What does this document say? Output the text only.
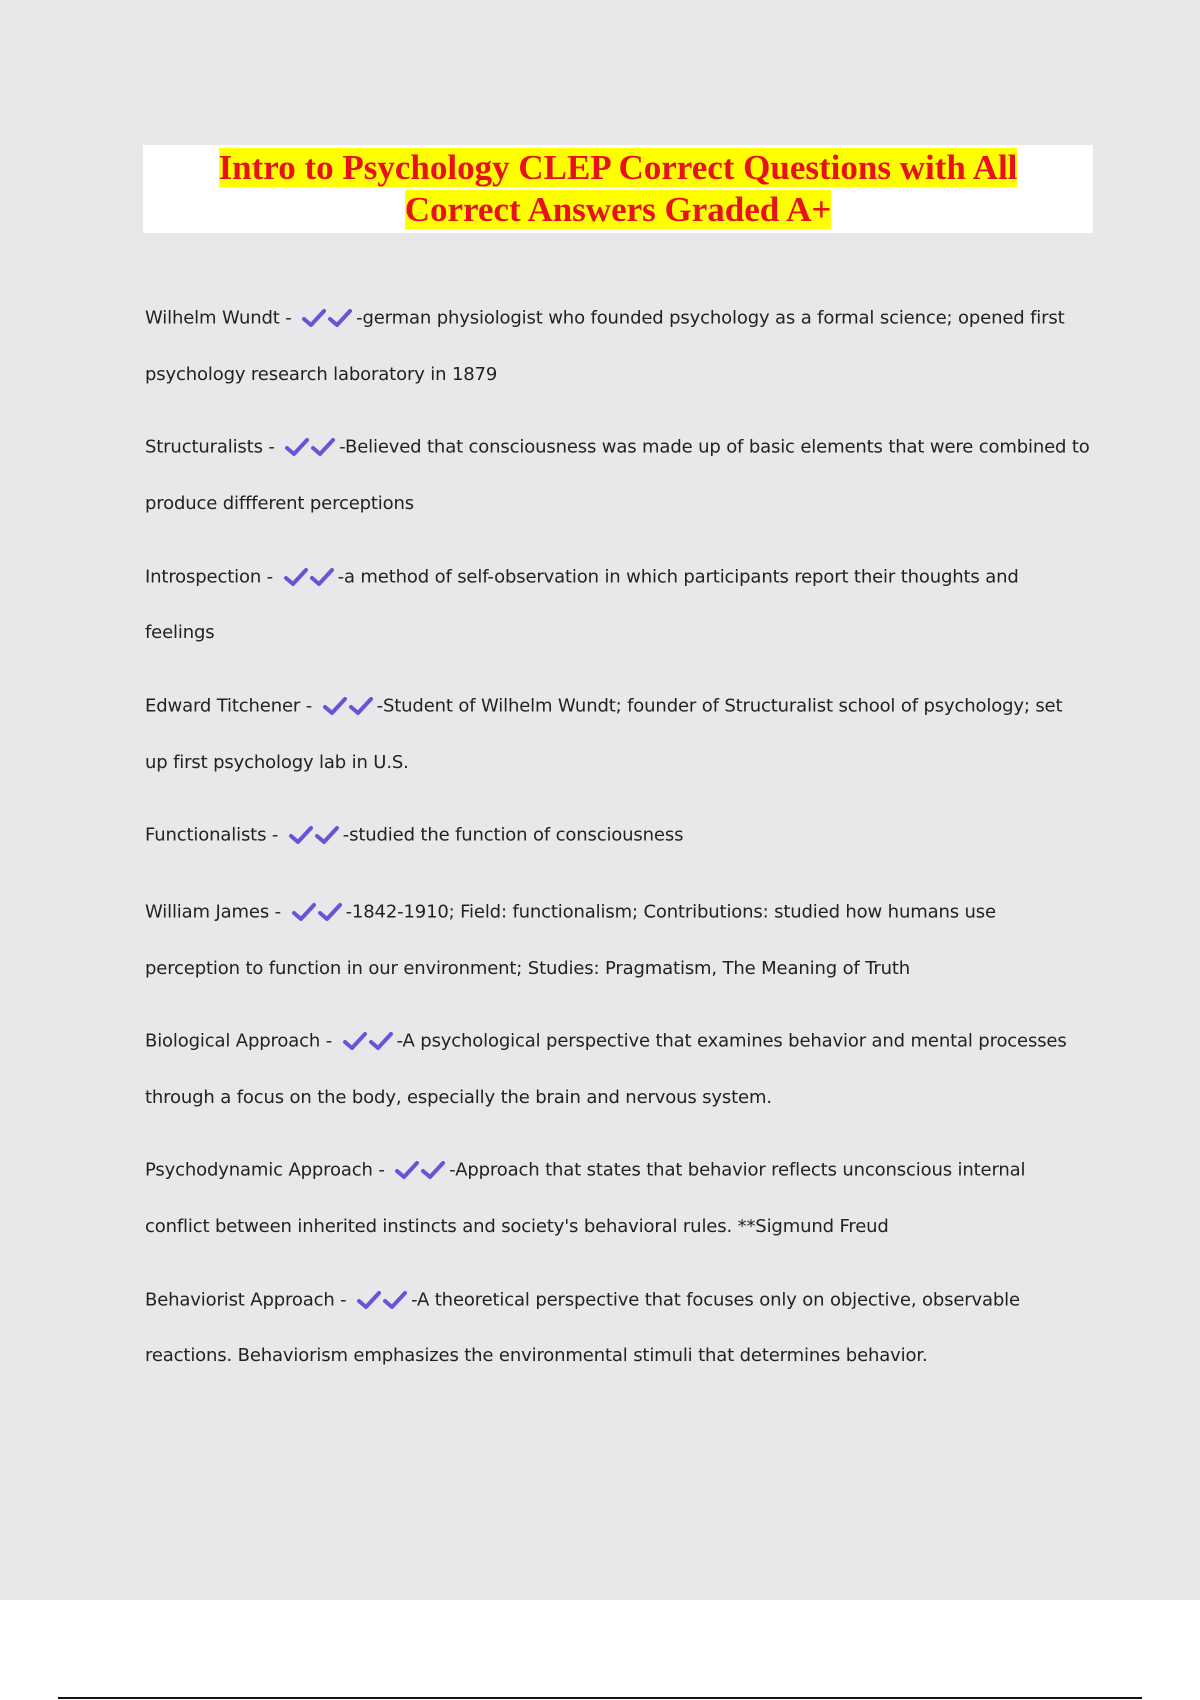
Intro to Psychology CLEP Correct Questions with All
Correct Answers Graded A+

Wilhelm Wundt -	-german physiologist who founded psychology as a formal science; opened first psychology research laboratory in 1879

Structuralists -	-Believed that consciousness was made up of basic elements that were combined to produce diffferent perceptions

Introspection -	-a method of self-observation in which participants report their thoughts and feelings

Edward Titchener -	-Student of Wilhelm Wundt; founder of Structuralist school of psychology; set up first psychology lab in U.S.

Functionalists -	-studied the function of consciousness

William James -	-1842-1910; Field: functionalism; Contributions: studied how humans use perception to function in our environment; Studies: Pragmatism, The Meaning of Truth

Biological Approach -	-A psychological perspective that examines behavior and mental processes through a focus on the body, especially the brain and nervous system.

Psychodynamic Approach -	-Approach that states that behavior reflects unconscious internal conflict between inherited instincts and society's behavioral rules. **Sigmund Freud

Behaviorist Approach -	-A theoretical perspective that focuses only on objective, observable reactions. Behaviorism emphasizes the environmental stimuli that determines behavior.
